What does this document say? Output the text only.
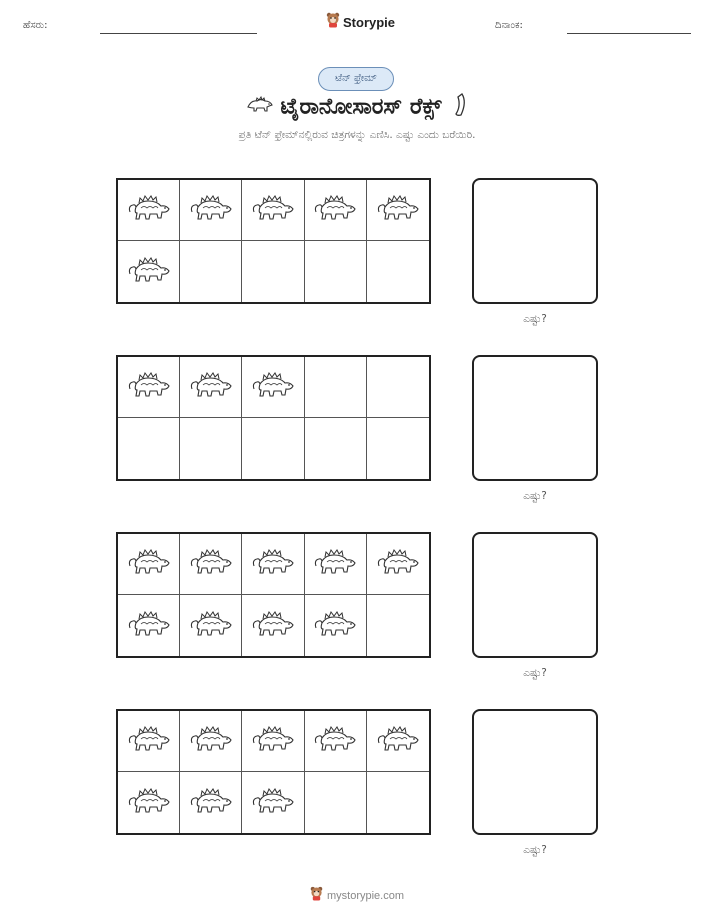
ಹೆಸರು:	Storypie	ದಿನಾಂಕ:
ಟೆನ್ ಫ್ರೇಮ್
ಟೈರಾನೋಸಾರಸ್ ರೆಕ್ಸ್
ಪ್ರತಿ ಟೆನ್ ಫ್ರೇಮ್‌ನಲ್ಲಿರುವ ಚಿತ್ರಗಳನ್ನು ಎಣಿಸಿ. ಎಷ್ಟು ಎಂದು ಬರೆಯಿರಿ.
ಎಷ್ಟು?
ಎಷ್ಟು?
ಎಷ್ಟು?
ಎಷ್ಟು?
mystorypie.com
